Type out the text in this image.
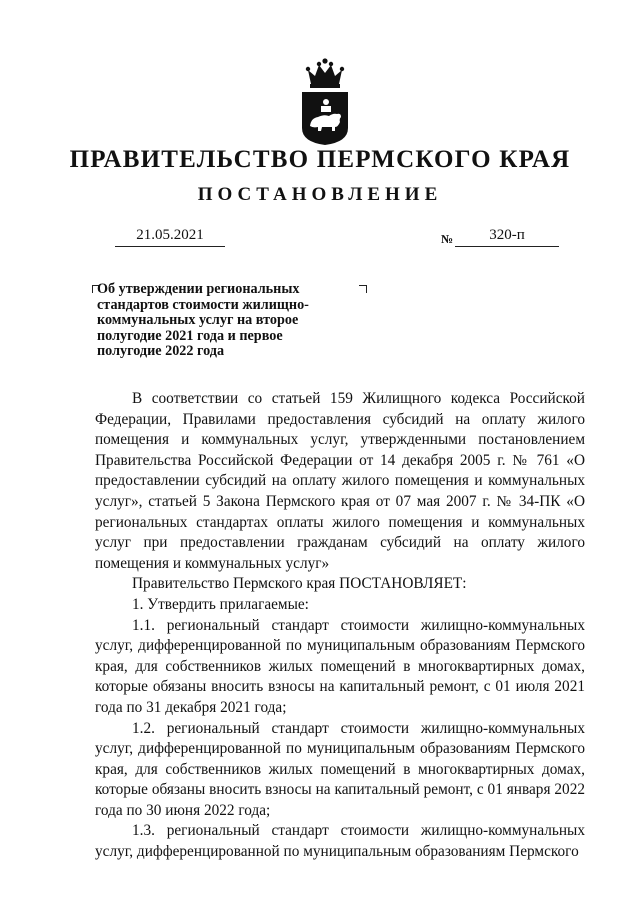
ПРАВИТЕЛЬСТВО ПЕРМСКОГО КРАЯ
ПОСТАНОВЛЕНИЕ
21.05.2021	№	320-п
Об утверждении региональных стандартов стоимости жилищно-коммунальных услуг на второе полугодие 2021 года и первое полугодие 2022 года

В соответствии со статьей 159 Жилищного кодекса Российской Федерации, Правилами предоставления субсидий на оплату жилого помещения и коммунальных услуг, утвержденными постановлением Правительства Российской Федерации от 14 декабря 2005 г. № 761 «О предоставлении субсидий на оплату жилого помещения и коммунальных услуг», статьей 5 Закона Пермского края от 07 мая 2007 г. № 34-ПК «О региональных стандартах оплаты жилого помещения и коммунальных услуг при предоставлении гражданам субсидий на оплату жилого помещения и коммунальных услуг»

Правительство Пермского края ПОСТАНОВЛЯЕТ:

1. Утвердить прилагаемые:

1.1. региональный стандарт стоимости жилищно-коммунальных услуг, дифференцированной по муниципальным образованиям Пермского края, для собственников жилых помещений в многоквартирных домах, которые обязаны вносить взносы на капитальный ремонт, с 01 июля 2021 года по 31 декабря 2021 года;

1.2. региональный стандарт стоимости жилищно-коммунальных услуг, дифференцированной по муниципальным образованиям Пермского края, для собственников жилых помещений в многоквартирных домах, которые обязаны вносить взносы на капитальный ремонт, с 01 января 2022 года по 30 июня 2022 года;

1.3. региональный стандарт стоимости жилищно-коммунальных услуг, дифференцированной по муниципальным образованиям Пермского
